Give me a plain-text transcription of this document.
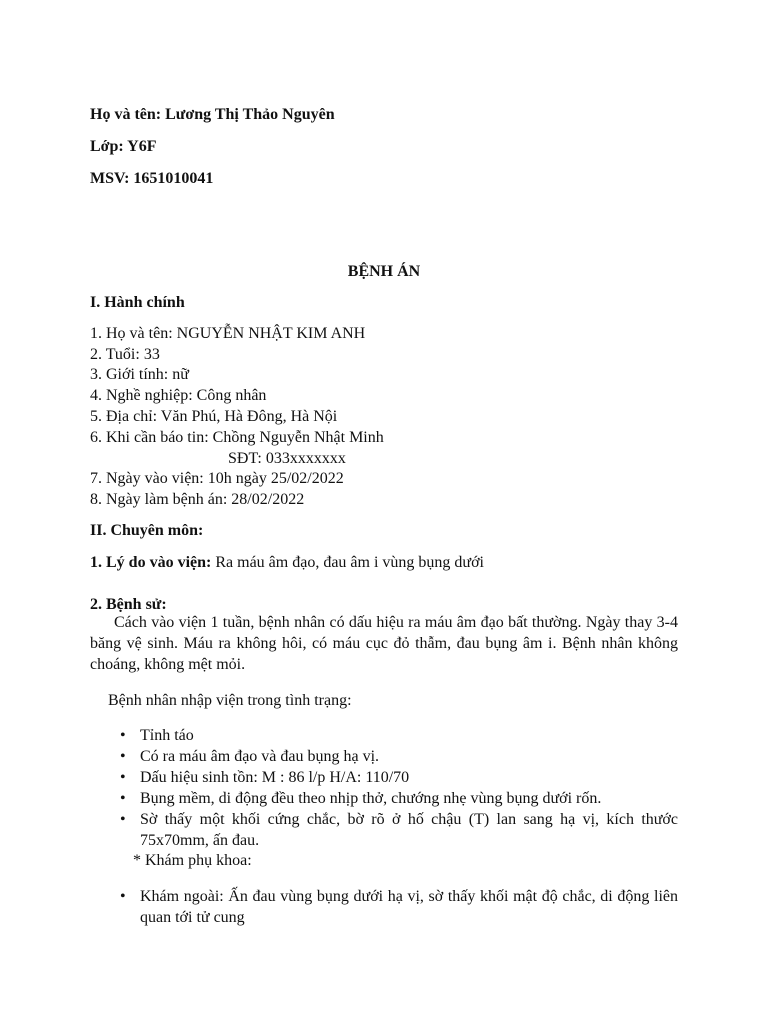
Họ và tên: Lương Thị Thảo Nguyên
Lớp: Y6F
MSV: 1651010041
BỆNH ÁN
I. Hành chính
1. Họ và tên: NGUYỄN NHẬT KIM ANH
2. Tuổi: 33
3. Giới tính: nữ
4. Nghề nghiệp: Công nhân
5. Địa chỉ: Văn Phú, Hà Đông, Hà Nội
6. Khi cần báo tin: Chồng Nguyễn Nhật Minh
SĐT: 033xxxxxxx
7. Ngày vào viện: 10h ngày 25/02/2022
8. Ngày làm bệnh án: 28/02/2022
II. Chuyên môn:
1. Lý do vào viện: Ra máu âm đạo, đau âm i vùng bụng dưới
2. Bệnh sử:
Cách vào viện 1 tuần, bệnh nhân có dấu hiệu ra máu âm đạo bất thường. Ngày thay 3-4 băng vệ sinh. Máu ra không hôi, có máu cục đỏ thẫm, đau bụng âm i. Bệnh nhân không choáng, không mệt mỏi.
Bệnh nhân nhập viện trong tình trạng:
• Tỉnh táo
• Có ra máu âm đạo và đau bụng hạ vị.
• Dấu hiệu sinh tồn: M : 86 l/p H/A: 110/70
• Bụng mềm, di động đều theo nhịp thở, chướng nhẹ vùng bụng dưới rốn.
• Sờ thấy một khối cứng chắc, bờ rõ ở hố chậu (T) lan sang hạ vị, kích thước 75x70mm, ấn đau.
* Khám phụ khoa:
• Khám ngoài: Ấn đau vùng bụng dưới hạ vị, sờ thấy khối mật độ chắc, di động liên quan tới tử cung
